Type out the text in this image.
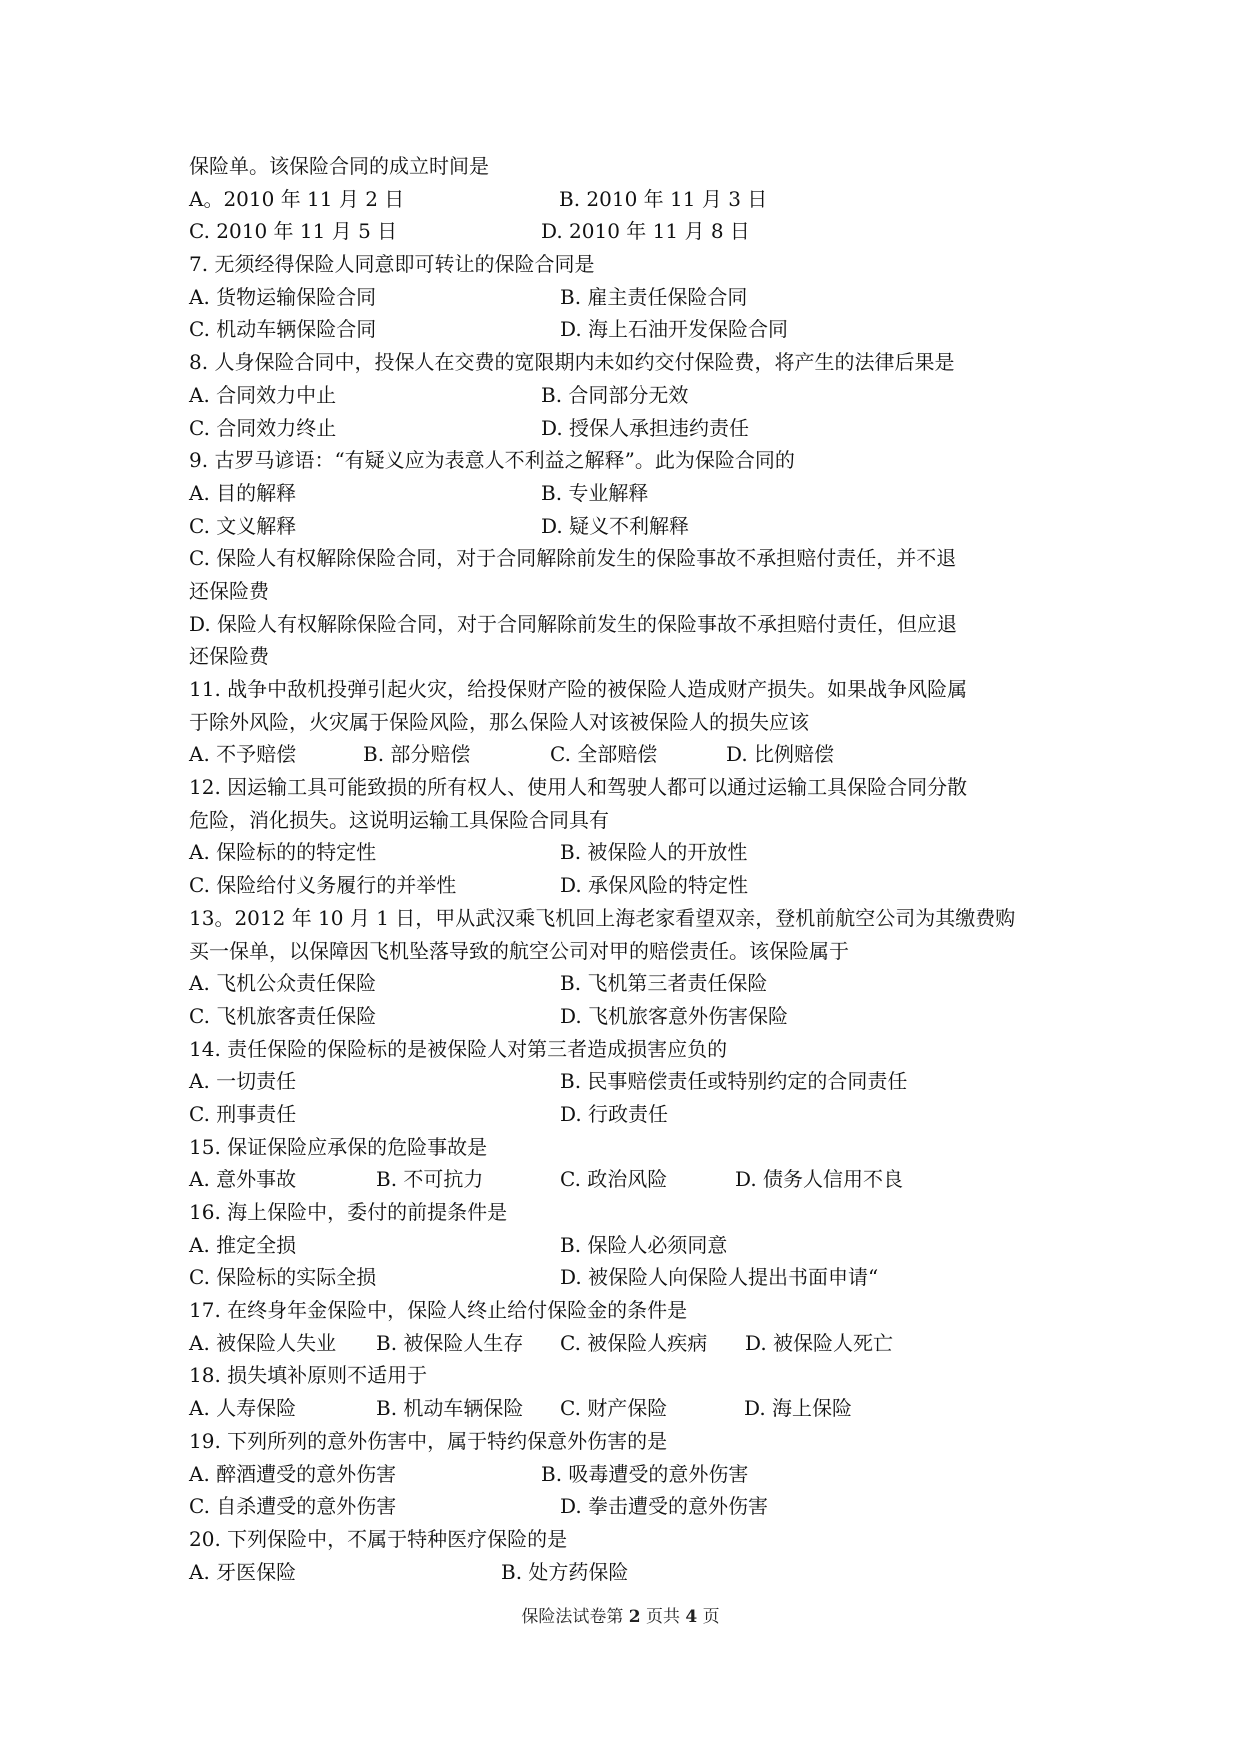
保险单。该保险合同的成立时间是
A。2010 年 11 月 2 日	B. 2010 年 11 月 3 日
C. 2010 年 11 月 5 日	D. 2010 年 11 月 8 日
7. 无须经得保险人同意即可转让的保险合同是
A. 货物运输保险合同	B. 雇主责任保险合同
C. 机动车辆保险合同	D. 海上石油开发保险合同
8. 人身保险合同中，投保人在交费的宽限期内未如约交付保险费，将产生的法律后果是
A. 合同效力中止	B. 合同部分无效
C. 合同效力终止	D. 授保人承担违约责任
9. 古罗马谚语：“有疑义应为表意人不利益之解释”。此为保险合同的
A. 目的解释	B. 专业解释
C. 文义解释	D. 疑义不利解释
C. 保险人有权解除保险合同，对于合同解除前发生的保险事故不承担赔付责任，并不退
还保险费
D. 保险人有权解除保险合同，对于合同解除前发生的保险事故不承担赔付责任，但应退
还保险费
11. 战争中敌机投弹引起火灾，给投保财产险的被保险人造成财产损失。如果战争风险属
于除外风险，火灾属于保险风险，那么保险人对该被保险人的损失应该
A. 不予赔偿	B. 部分赔偿	C. 全部赔偿	D. 比例赔偿
12. 因运输工具可能致损的所有权人、使用人和驾驶人都可以通过运输工具保险合同分散
危险，消化损失。这说明运输工具保险合同具有
A. 保险标的的特定性	B. 被保险人的开放性
C. 保险给付义务履行的并举性	D. 承保风险的特定性
13。2012 年 10 月 1 日，甲从武汉乘飞机回上海老家看望双亲，登机前航空公司为其缴费购
买一保单，以保障因飞机坠落导致的航空公司对甲的赔偿责任。该保险属于
A. 飞机公众责任保险	B. 飞机第三者责任保险
C. 飞机旅客责任保险	D. 飞机旅客意外伤害保险
14. 责任保险的保险标的是被保险人对第三者造成损害应负的
A. 一切责任	B. 民事赔偿责任或特别约定的合同责任
C. 刑事责任	D. 行政责任
15. 保证保险应承保的危险事故是
A. 意外事故	B. 不可抗力	C. 政治风险	D. 债务人信用不良
16. 海上保险中，委付的前提条件是
A. 推定全损	B. 保险人必须同意
C. 保险标的实际全损	D. 被保险人向保险人提出书面申请“
17. 在终身年金保险中，保险人终止给付保险金的条件是
A. 被保险人失业 B. 被保险人生存 C. 被保险人疾病 D. 被保险人死亡
18. 损失填补原则不适用于
A. 人寿保险	B. 机动车辆保险 C. 财产保险	D. 海上保险
19. 下列所列的意外伤害中，属于特约保意外伤害的是
A. 醉酒遭受的意外伤害	B. 吸毒遭受的意外伤害
C. 自杀遭受的意外伤害	D. 拳击遭受的意外伤害
20. 下列保险中，不属于特种医疗保险的是
A. 牙医保险	B. 处方药保险
保险法试卷第 2 页共 4 页
